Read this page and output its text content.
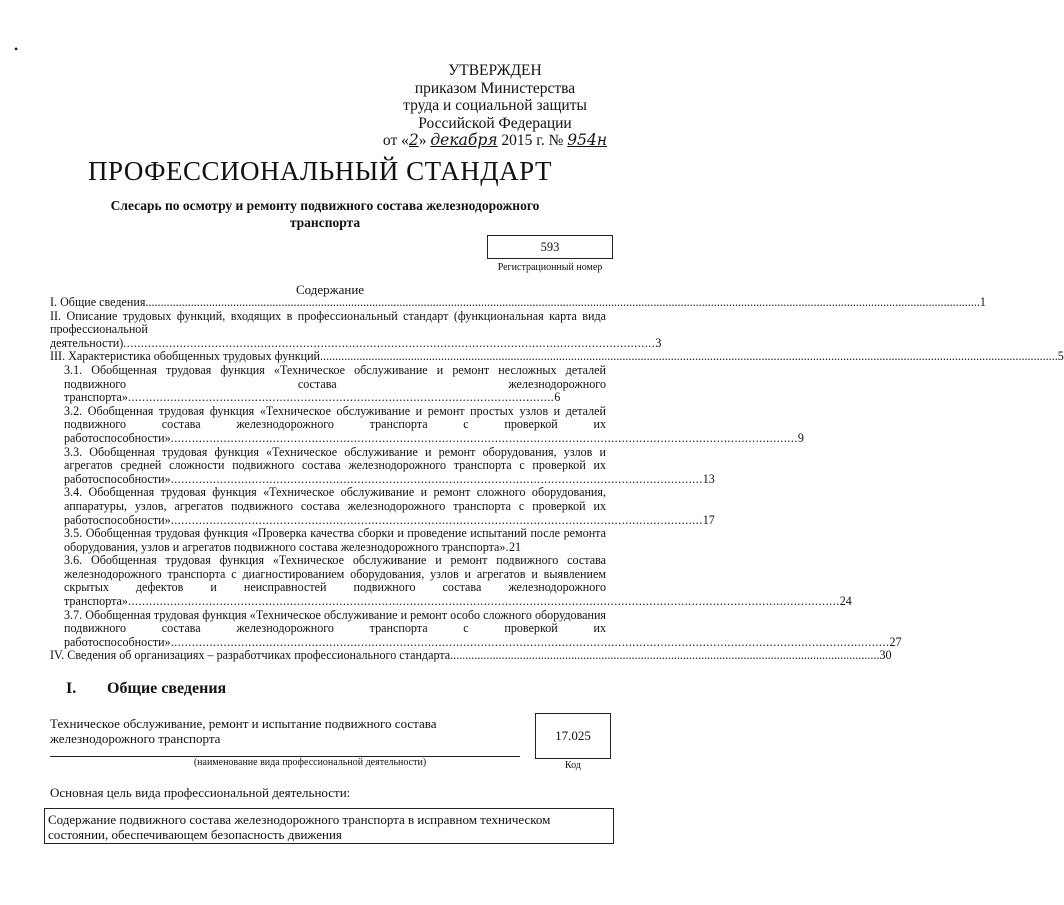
•
УТВЕРЖДЕН
приказом Министерства
труда и социальной защиты
Российской Федерации
от «2» декабря 2015 г. № 954н
ПРОФЕССИОНАЛЬНЫЙ СТАНДАРТ
Слесарь по осмотру и ремонту подвижного состава железнодорожного транспорта
593
Регистрационный номер
Содержание
I. Общие сведения .................................................................................................................................................................................................................................................................................... 1
II. Описание трудовых функций, входящих в профессиональный стандарт (функциональная карта вида профессиональной деятельности).......................................................................................................................................................3
III. Характеристика обобщенных трудовых функций .................................................................................................................................................................................................................................................... 5
3.1. Обобщенная трудовая функция «Техническое обслуживание и ремонт несложных деталей подвижного состава железнодорожного транспорта».........................................................................................................................6
3.2. Обобщенная трудовая функция «Техническое обслуживание и ремонт простых узлов и деталей подвижного состава железнодорожного транспорта с проверкой их работоспособности»..................................................................................................................................................................................9
3.3. Обобщенная трудовая функция «Техническое обслуживание и ремонт оборудования, узлов и агрегатов средней сложности подвижного состава железнодорожного транспорта с проверкой их работоспособности».......................................................................................................................................................13
3.4. Обобщенная трудовая функция «Техническое обслуживание и ремонт сложного оборудования, аппаратуры, узлов, агрегатов подвижного состава железнодорожного транспорта с проверкой их работоспособности».......................................................................................................................................................17
3.5. Обобщенная трудовая функция «Проверка качества сборки и проведение испытаний после ремонта оборудования, узлов и агрегатов подвижного состава железнодорожного транспорта».21
3.6. Обобщенная трудовая функция «Техническое обслуживание и ремонт подвижного состава железнодорожного транспорта с диагностированием оборудования, узлов и агрегатов и выявлением скрытых дефектов и неисправностей подвижного состава железнодорожного транспорта»..........................................................................................................................................................................................................24
3.7. Обобщенная трудовая функция «Техническое обслуживание и ремонт особо сложного оборудования подвижного состава железнодорожного транспорта с проверкой их работоспособности»............................................................................................................................................................................................................27
IV. Сведения об организациях – разработчиках профессионального стандарта .............................................................................................................................................. 30
I. Общие сведения
Техническое обслуживание, ремонт и испытание подвижного состава железнодорожного транспорта
(наименование вида профессиональной деятельности)
17.025
Код
Основная цель вида профессиональной деятельности:
Содержание подвижного состава железнодорожного транспорта в исправном техническом состоянии, обеспечивающем безопасность движения
